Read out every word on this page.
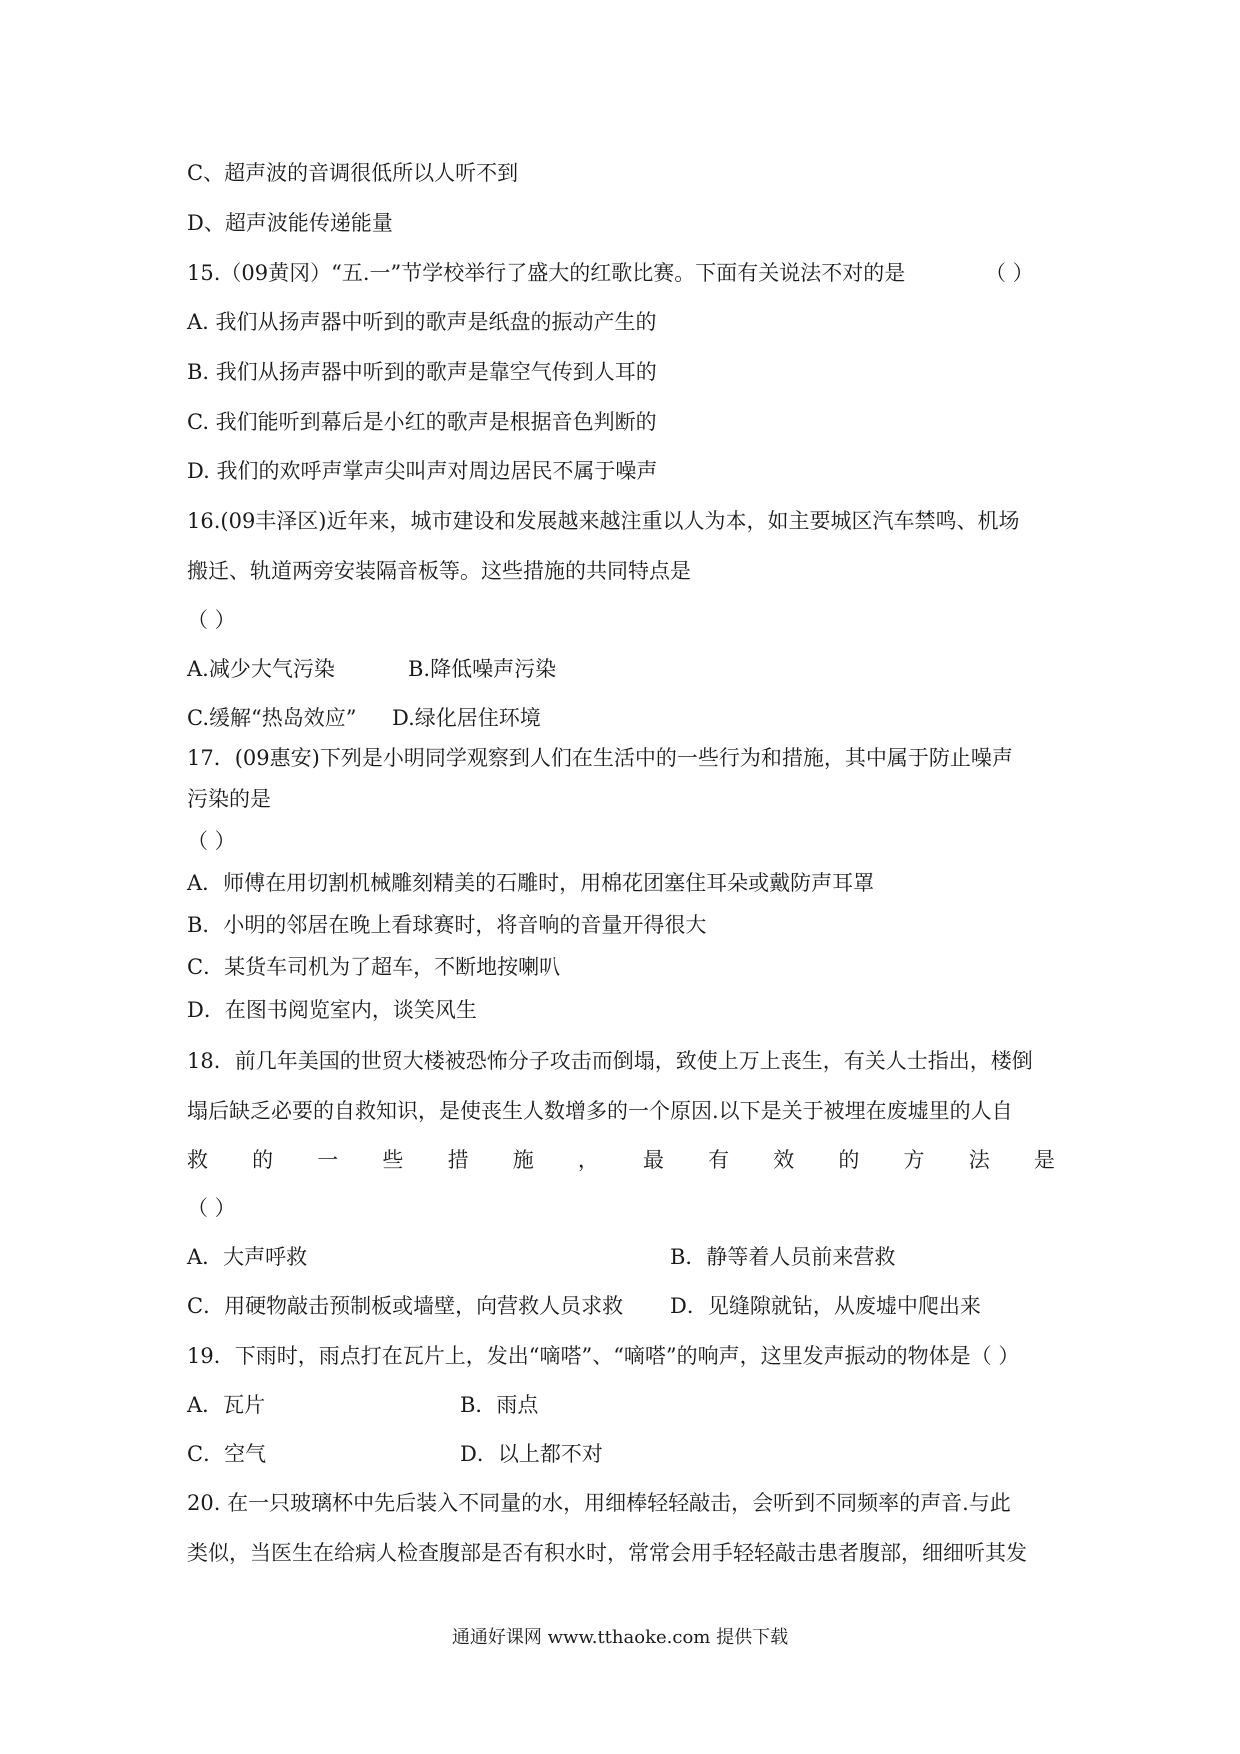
C、超声波的音调很低所以人听不到
D、超声波能传递能量
15.（09黄冈）“五.一”节学校举行了盛大的红歌比赛。下面有关说法不对的是	（ ）
A. 我们从扬声器中听到的歌声是纸盘的振动产生的
B. 我们从扬声器中听到的歌声是靠空气传到人耳的
C. 我们能听到幕后是小红的歌声是根据音色判断的
D. 我们的欢呼声掌声尖叫声对周边居民不属于噪声
16.(09丰泽区)近年来，城市建设和发展越来越注重以人为本，如主要城区汽车禁鸣、机场
搬迁、轨道两旁安装隔音板等。这些措施的共同特点是
（ ）
A.减少大气污染	B.降低噪声污染
C.缓解“热岛效应” D.绿化居住环境
17．(09惠安)下列是小明同学观察到人们在生活中的一些行为和措施，其中属于防止噪声
污染的是
（ ）
A．师傅在用切割机械雕刻精美的石雕时，用棉花团塞住耳朵或戴防声耳罩
B．小明的邻居在晚上看球赛时，将音响的音量开得很大
C．某货车司机为了超车，不断地按喇叭
D．在图书阅览室内，谈笑风生
18．前几年美国的世贸大楼被恐怖分子攻击而倒塌，致使上万上丧生，有关人士指出，楼倒
塌后缺乏必要的自救知识，是使丧生人数增多的一个原因.以下是关于被埋在废墟里的人自
救 的 一 些 措 施 ， 最 有 效 的 方 法 是
（ ）
A．大声呼救	B．静等着人员前来营救
C．用硬物敲击预制板或墙壁，向营救人员求救 D．见缝隙就钻，从废墟中爬出来
19．下雨时，雨点打在瓦片上，发出“嘀嗒”、“嘀嗒”的响声，这里发声振动的物体是（ ）
A．瓦片	B．雨点
C．空气	D．以上都不对
20. 在一只玻璃杯中先后装入不同量的水，用细棒轻轻敲击，会听到不同频率的声音.与此
类似，当医生在给病人检查腹部是否有积水时，常常会用手轻轻敲击患者腹部，细细听其发
通通好课网 www.tthaoke.com 提供下载
